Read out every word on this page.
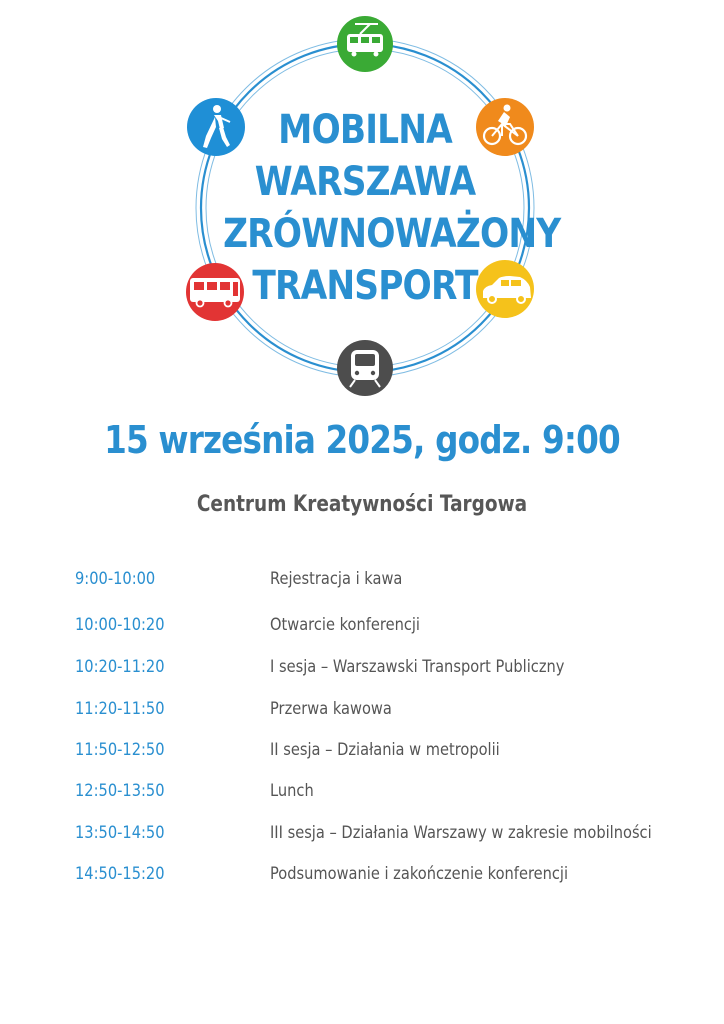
MOBILNA
WARSZAWA
ZRÓWNOWAŻONY
TRANSPORT
15 września 2025, godz. 9:00
Centrum Kreatywności Targowa
9:00-10:00	Rejestracja i kawa
10:00-10:20	Otwarcie konferencji
10:20-11:20	I sesja – Warszawski Transport Publiczny
11:20-11:50	Przerwa kawowa
11:50-12:50	II sesja – Działania w metropolii
12:50-13:50	Lunch
13:50-14:50	III sesja – Działania Warszawy w zakresie mobilności
14:50-15:20	Podsumowanie i zakończenie konferencji
